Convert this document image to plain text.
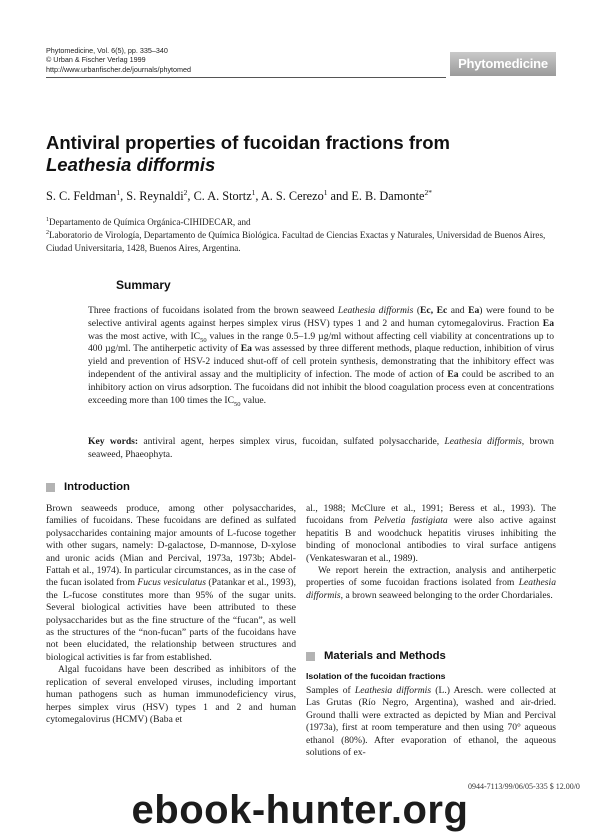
Phytomedicine, Vol. 6(5), pp. 335–340
© Urban & Fischer Verlag 1999
http://www.urbanfischer.de/journals/phytomed	Phytomedicine
Antiviral properties of fucoidan fractions from
Leathesia difformis
S. C. Feldman$^1$, S. Reynaldi$^2$, C. A. Stortz$^1$, A. S. Cerezo$^1$ and E. B. Damonte$^{2*}$

$^1$Departamento de Química Orgánica-CIHIDECAR, and

$^2$Laboratorio de Virología, Departamento de Química Biológica. Facultad de Ciencias Exactas y Naturales, Universidad de Buenos Aires, Ciudad Universitaria, 1428, Buenos Aires, Argentina.

Summary

Three fractions of fucoidans isolated from the brown seaweed Leathesia difformis (Ec, Ec and Ea) were found to be selective antiviral agents against herpes simplex virus (HSV) types 1 and 2 and human cytomegalovirus. Fraction Ea was the most active, with $IC_{50}$ values in the range 0.5–1.9 µg/ml without affecting cell viability at concentrations up to 400 µg/ml. The antiherpetic activity of Ea was assessed by three different methods, plaque reduction, inhibition of virus yield and prevention of HSV-2 induced shut-off of cell protein synthesis, demonstrating that the inhibitory effect was independent of the antiviral assay and the multiplicity of infection. The mode of action of Ea could be ascribed to an inhibitory action on virus adsorption. The fucoidans did not inhibit the blood coagulation process even at concentrations exceeding more than 100 times the $IC_{50}$ value.

Key words: antiviral agent, herpes simplex virus, fucoidan, sulfated polysaccharide, Leathesia difformis, brown seaweed, Phaeophyta.

Introduction

Brown seaweeds produce, among other polysaccharides, families of fucoidans. These fucoidans are defined as sulfated polysaccharides containing major amounts of L-fucose together with other sugars, namely: D-galactose, D-mannose, D-xylose and uronic acids (Mian and Percival, 1973a, 1973b; Abdel-Fattah et al., 1974). In particular circumstances, as in the case of the fucan isolated from Fucus vesiculatus (Patankar et al., 1993), the L-fucose constitutes more than 95% of the sugar units. Several biological activities have been attributed to these polysaccharides but as the fine structure of the “fucan”, as well as the structures of the “non-fucan” parts of the fucoidans have not been elucidated, the relationship between structures and biological activities is far from established.

Algal fucoidans have been described as inhibitors of the replication of several enveloped viruses, including important human pathogens such as human immunodeficiency virus, herpes simplex virus (HSV) types 1 and 2 and human cytomegalovirus (HCMV) (Baba et

al., 1988; McClure et al., 1991; Beress et al., 1993). The fucoidans from Pelvetia fastigiata were also active against hepatitis B and woodchuck hepatitis viruses inhibiting the binding of monoclonal antibodies to viral surface antigens (Venkateswaran et al., 1989).

We report herein the extraction, analysis and antiherpetic properties of some fucoidan fractions isolated from Leathesia difformis, a brown seaweed belonging to the order Chordariales.

Materials and Methods
Isolation of the fucoidan fractions

Samples of Leathesia difformis (L.) Aresch. were collected at Las Grutas (Río Negro, Argentina), washed and air-dried. Ground thalli were extracted as depicted by Mian and Percival (1973a), first at room temperature and then using 70° aqueous ethanol (80%). After evaporation of ethanol, the aqueous solutions of ex-

0944-7113/99/06/05-335 $ 12.00/0
ebook-hunter.org
